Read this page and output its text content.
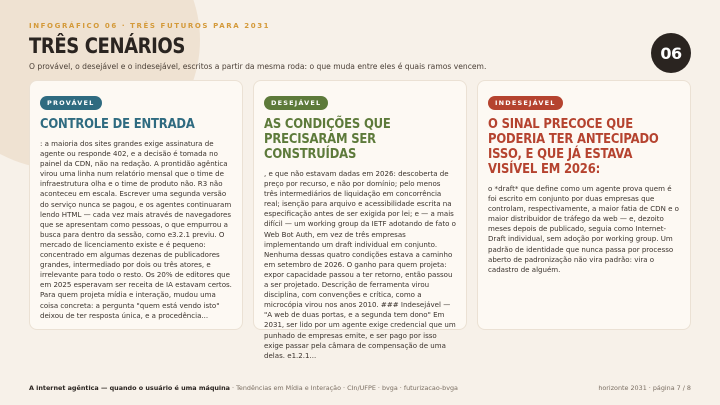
INFOGRÁFICO 06 · TRÊS FUTUROS PARA 2031
TRÊS CENÁRIOS
O provável, o desejável e o indesejável, escritos a partir da mesma roda: o que muda entre eles é quais ramos vencem.
06
PROVÁVEL
CONTROLE DE ENTRADA
: a maioria dos sites grandes exige assinatura de agente ou responde 402, e a decisão é tomada no painel da CDN, não na redação. A prontidão agêntica virou uma linha num relatório mensal que o time de infraestrutura olha e o time de produto não. R3 não aconteceu em escala. Escrever uma segunda versão do serviço nunca se pagou, e os agentes continuaram lendo HTML — cada vez mais através de navegadores que se apresentam como pessoas, o que empurrou a busca para dentro da sessão, como e3.2.1 previu. O mercado de licenciamento existe e é pequeno: concentrado em algumas dezenas de publicadores grandes, intermediado por dois ou três atores, e irrelevante para todo o resto. Os 20% de editores que em 2025 esperavam ser receita de IA estavam certos. Para quem projeta mídia e interação, mudou uma coisa concreta: a pergunta "quem está vendo isto" deixou de ter resposta única, e a procedência...
DESEJÁVEL
AS CONDIÇÕES QUE PRECISARAM SER CONSTRUÍDAS
, e que não estavam dadas em 2026: descoberta de preço por recurso, e não por domínio; pelo menos três intermediários de liquidação em concorrência real; isenção para arquivo e acessibilidade escrita na especificação antes de ser exigida por lei; e — a mais difícil — um working group da IETF adotando de fato o Web Bot Auth, em vez de três empresas implementando um draft individual em conjunto. Nenhuma dessas quatro condições estava a caminho em setembro de 2026. O ganho para quem projeta: expor capacidade passou a ter retorno, então passou a ser projetado. Descrição de ferramenta virou disciplina, com convenções e crítica, como a microcópia virou nos anos 2010. ### Indesejável — "A web de duas portas, e a segunda tem dono" Em 2031, ser lido por um agente exige credencial que um punhado de empresas emite, e ser pago por isso exige passar pela câmara de compensação de uma delas. e1.2.1...
INDESEJÁVEL
O SINAL PRECOCE QUE PODERIA TER ANTECIPADO ISSO, E QUE JÁ ESTAVA VISÍVEL EM 2026:
o *draft* que define como um agente prova quem é foi escrito em conjunto por duas empresas que controlam, respectivamente, a maior fatia de CDN e o maior distribuidor de tráfego da web — e, dezoito meses depois de publicado, seguia como Internet-Draft individual, sem adoção por working group. Um padrão de identidade que nunca passa por processo aberto de padronização não vira padrão: vira o cadastro de alguém.
A internet agêntica — quando o usuário é uma máquina · Tendências em Mídia e Interação · CIn/UFPE · bvga · futurizacao-bvga	horizonte 2031 · página 7 / 8
